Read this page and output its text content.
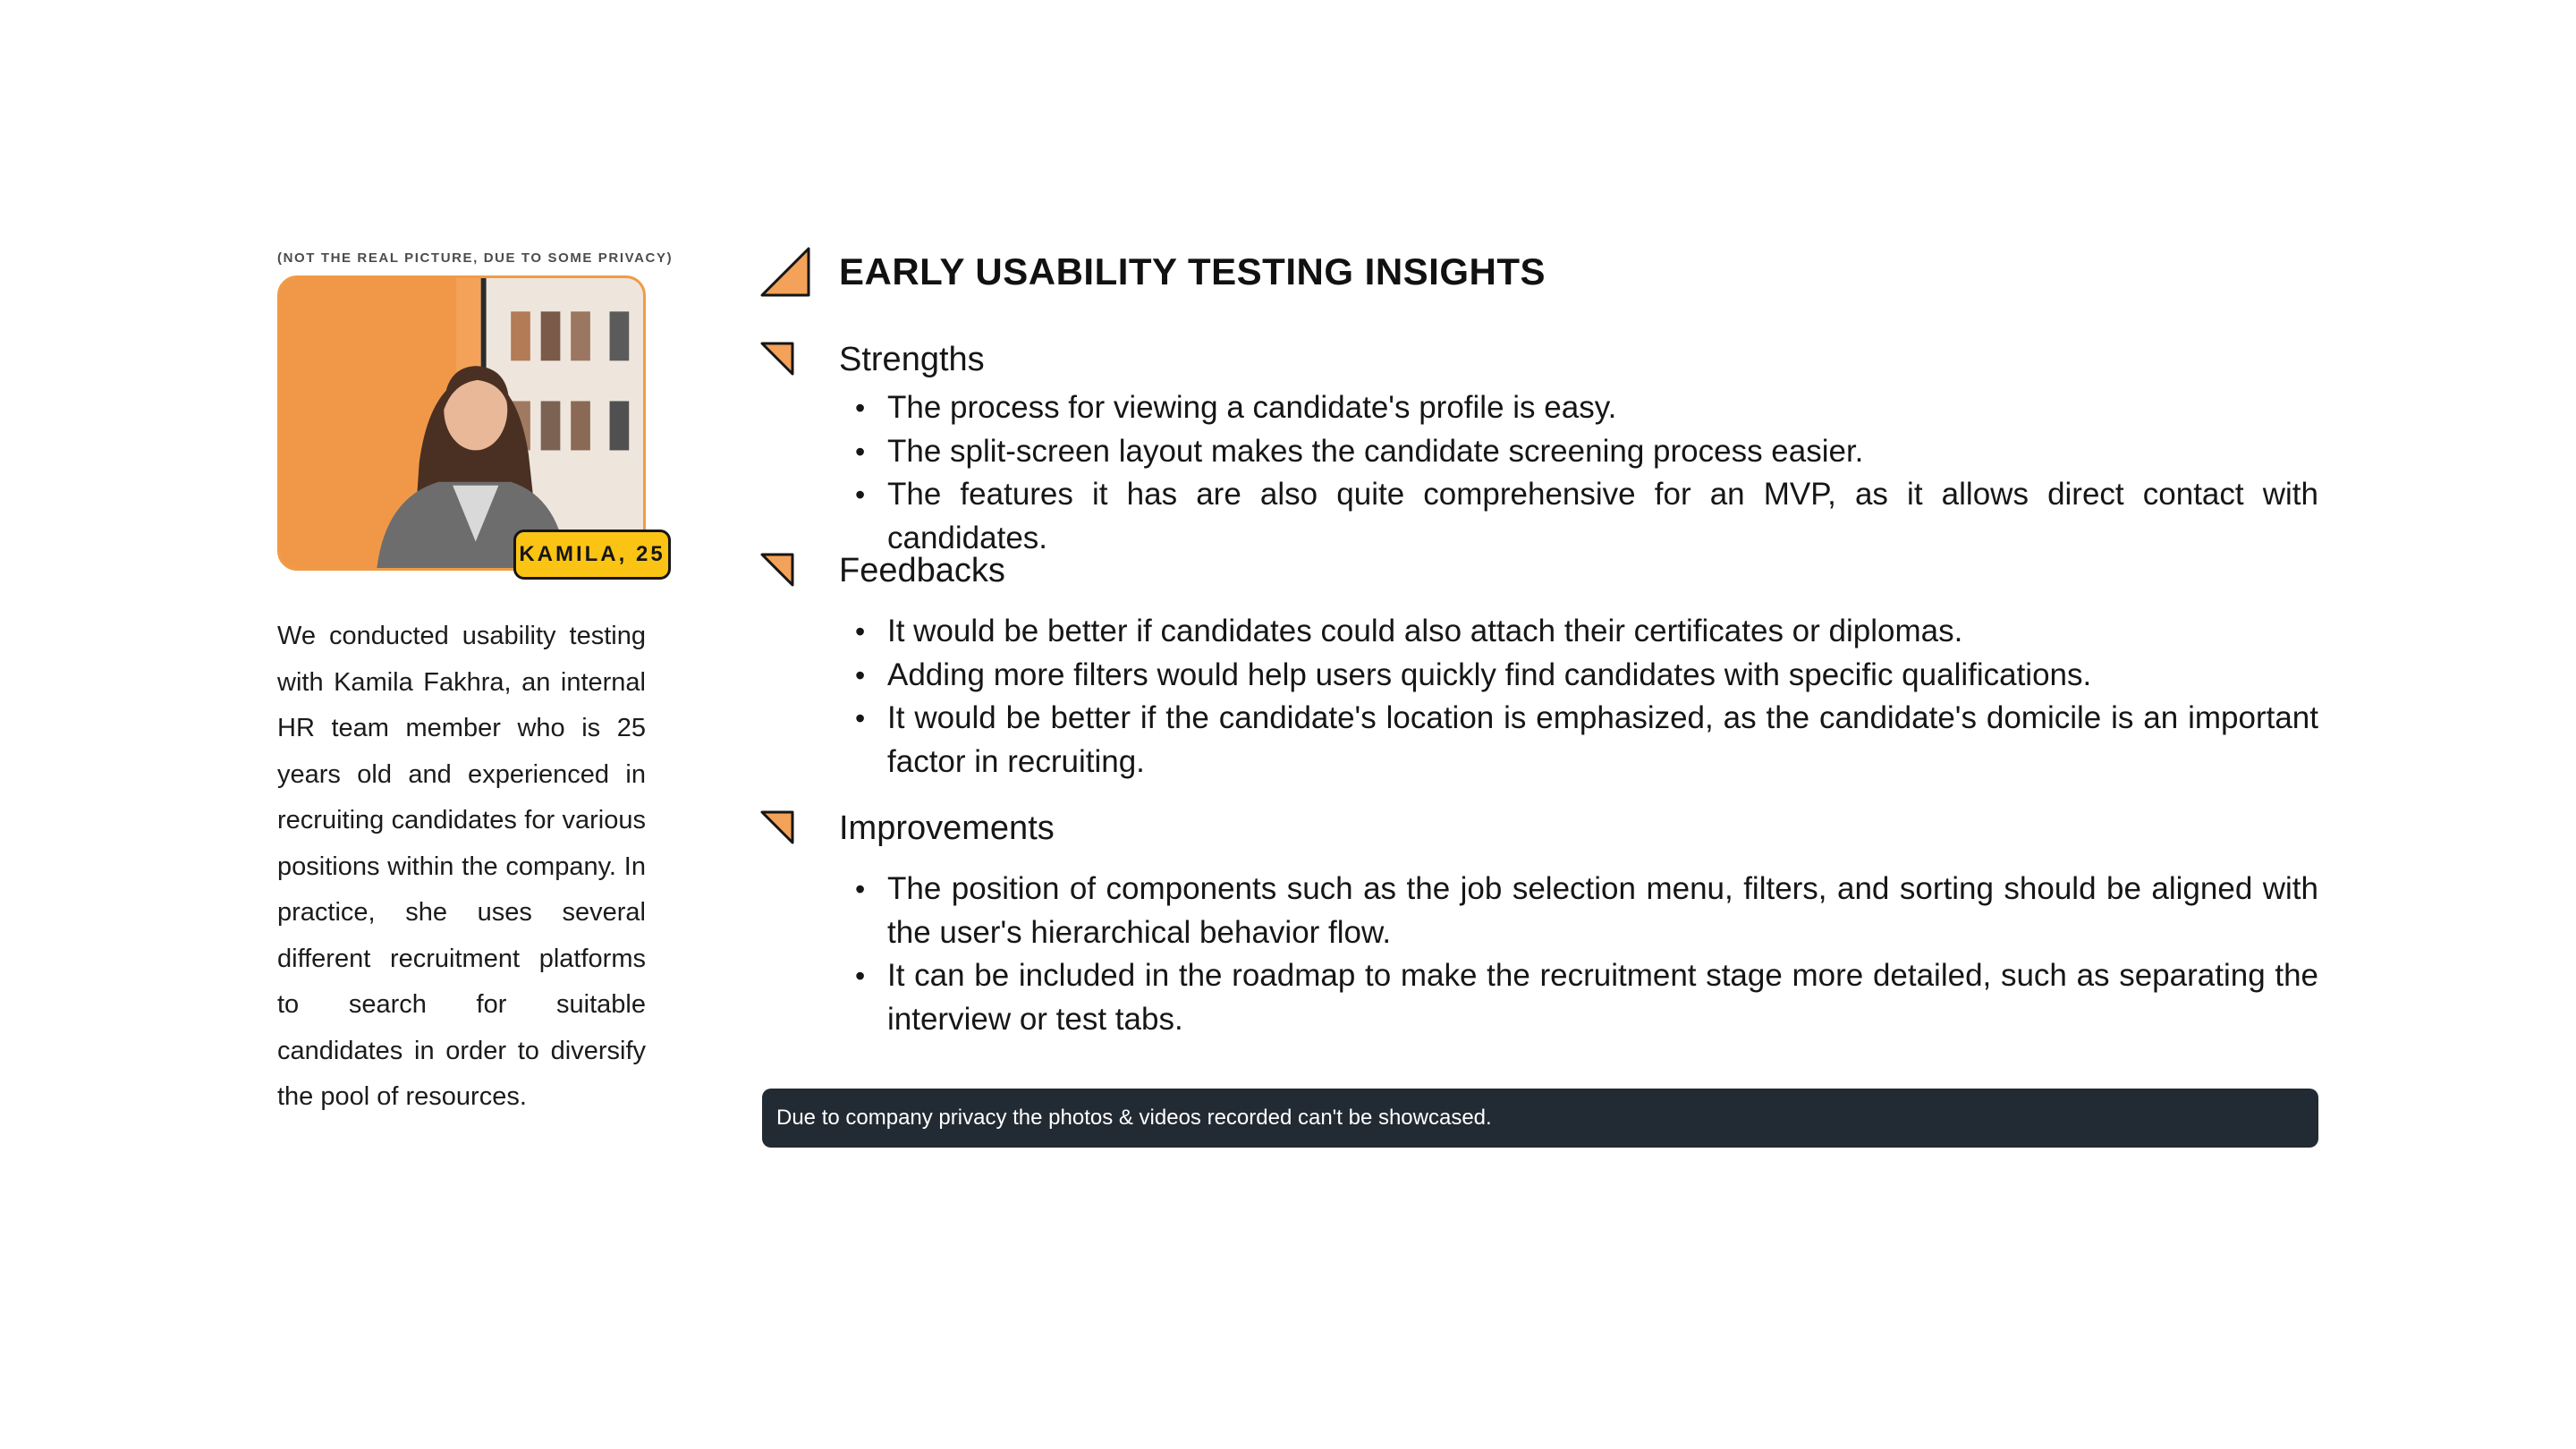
(NOT THE REAL PICTURE, DUE TO SOME PRIVACY)
KAMILA, 25
We conducted usability testing with Kamila Fakhra, an internal HR team member who is 25 years old and experienced in recruiting candidates for various positions within the company. In practice, she uses several different recruitment platforms to search for suitable candidates in order to diversify the pool of resources.
EARLY USABILITY TESTING INSIGHTS
Strengths
• The process for viewing a candidate's profile is easy.
• The split-screen layout makes the candidate screening process easier.
• The features it has are also quite comprehensive for an MVP, as it allows direct contact with candidates.
Feedbacks
• It would be better if candidates could also attach their certificates or diplomas.
• Adding more filters would help users quickly find candidates with specific qualifications.
• It would be better if the candidate's location is emphasized, as the candidate's domicile is an important factor in recruiting.
Improvements
• The position of components such as the job selection menu, filters, and sorting should be aligned with the user's hierarchical behavior flow.
• It can be included in the roadmap to make the recruitment stage more detailed, such as separating the interview or test tabs.
Due to company privacy the photos & videos recorded can't be showcased.
